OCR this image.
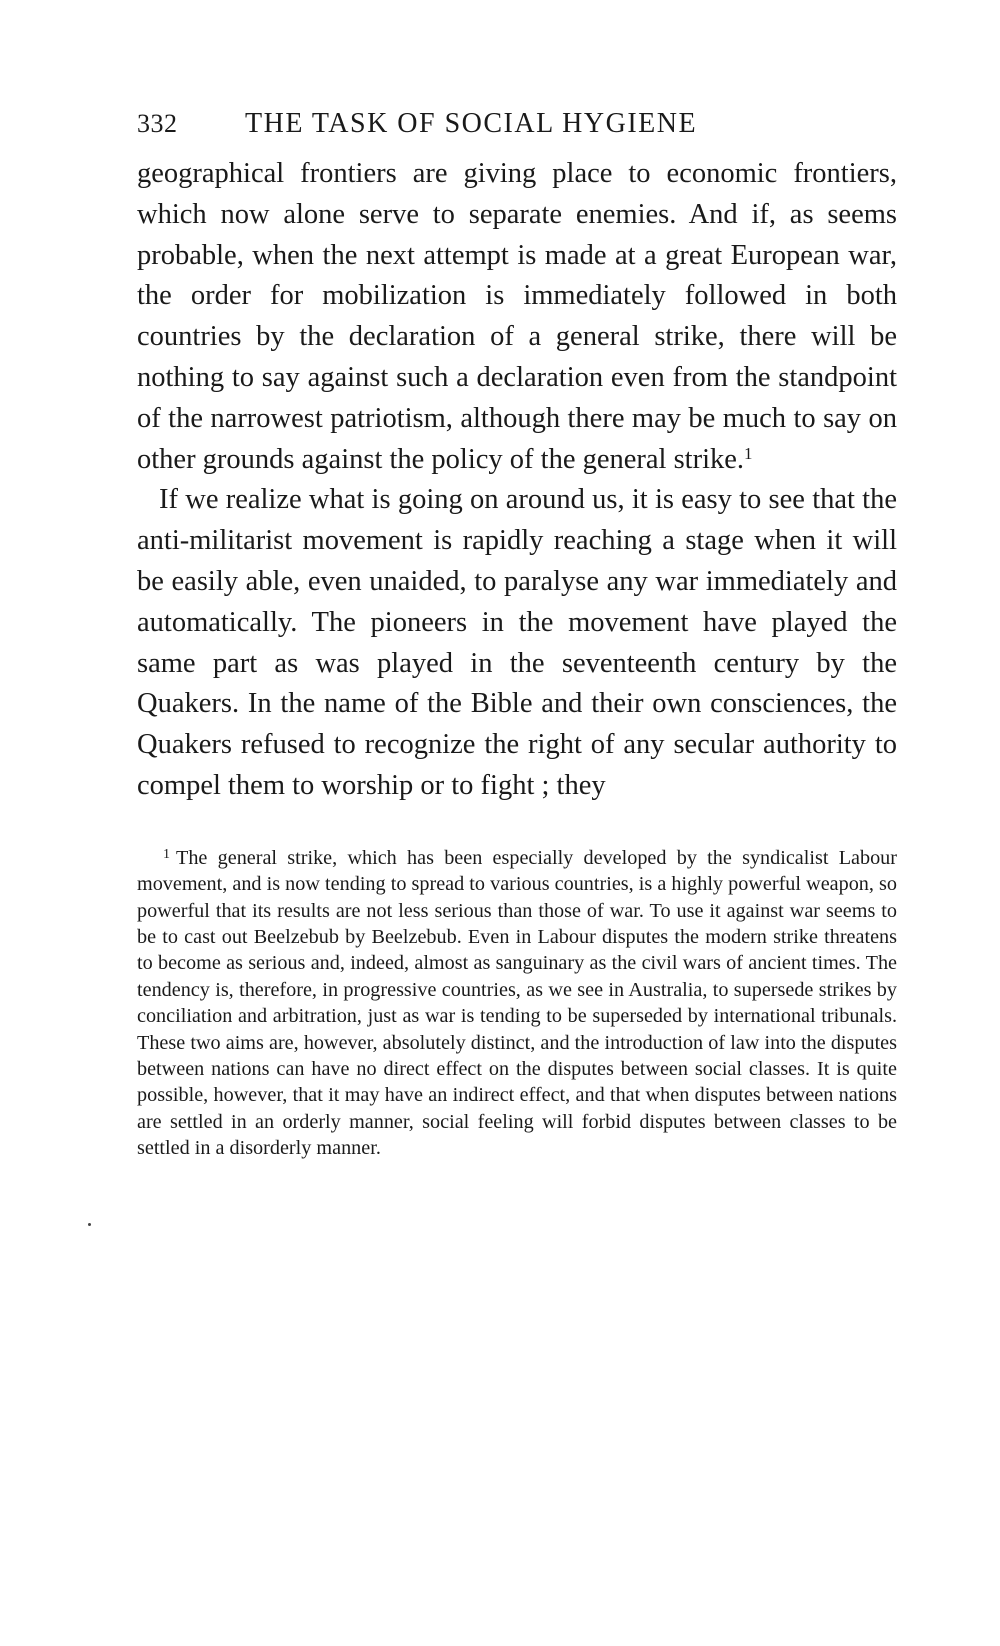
332	THE TASK OF SOCIAL HYGIENE

geographical frontiers are giving place to economic frontiers, which now alone serve to separate enemies. And if, as seems probable, when the next attempt is made at a great European war, the order for mobilization is immediately followed in both countries by the declaration of a general strike, there will be nothing to say against such a declaration even from the standpoint of the narrowest patriotism, although there may be much to say on other grounds against the policy of the general strike.$^1$

If we realize what is going on around us, it is easy to see that the anti-militarist movement is rapidly reaching a stage when it will be easily able, even unaided, to paralyse any war immediately and automatically. The pioneers in the movement have played the same part as was played in the seventeenth century by the Quakers. In the name of the Bible and their own consciences, the Quakers refused to recognize the right of any secular authority to compel them to worship or to fight ; they

$^1$ The general strike, which has been especially developed by the syndicalist Labour movement, and is now tending to spread to various countries, is a highly powerful weapon, so powerful that its results are not less serious than those of war. To use it against war seems to be to cast out Beelzebub by Beelzebub. Even in Labour disputes the modern strike threatens to become as serious and, indeed, almost as sanguinary as the civil wars of ancient times. The tendency is, therefore, in progressive countries, as we see in Australia, to supersede strikes by conciliation and arbitration, just as war is tending to be superseded by international tribunals. These two aims are, however, absolutely distinct, and the introduction of law into the disputes between nations can have no direct effect on the disputes between social classes. It is quite possible, however, that it may have an indirect effect, and that when disputes between nations are settled in an orderly manner, social feeling will forbid disputes between classes to be settled in a disorderly manner.
